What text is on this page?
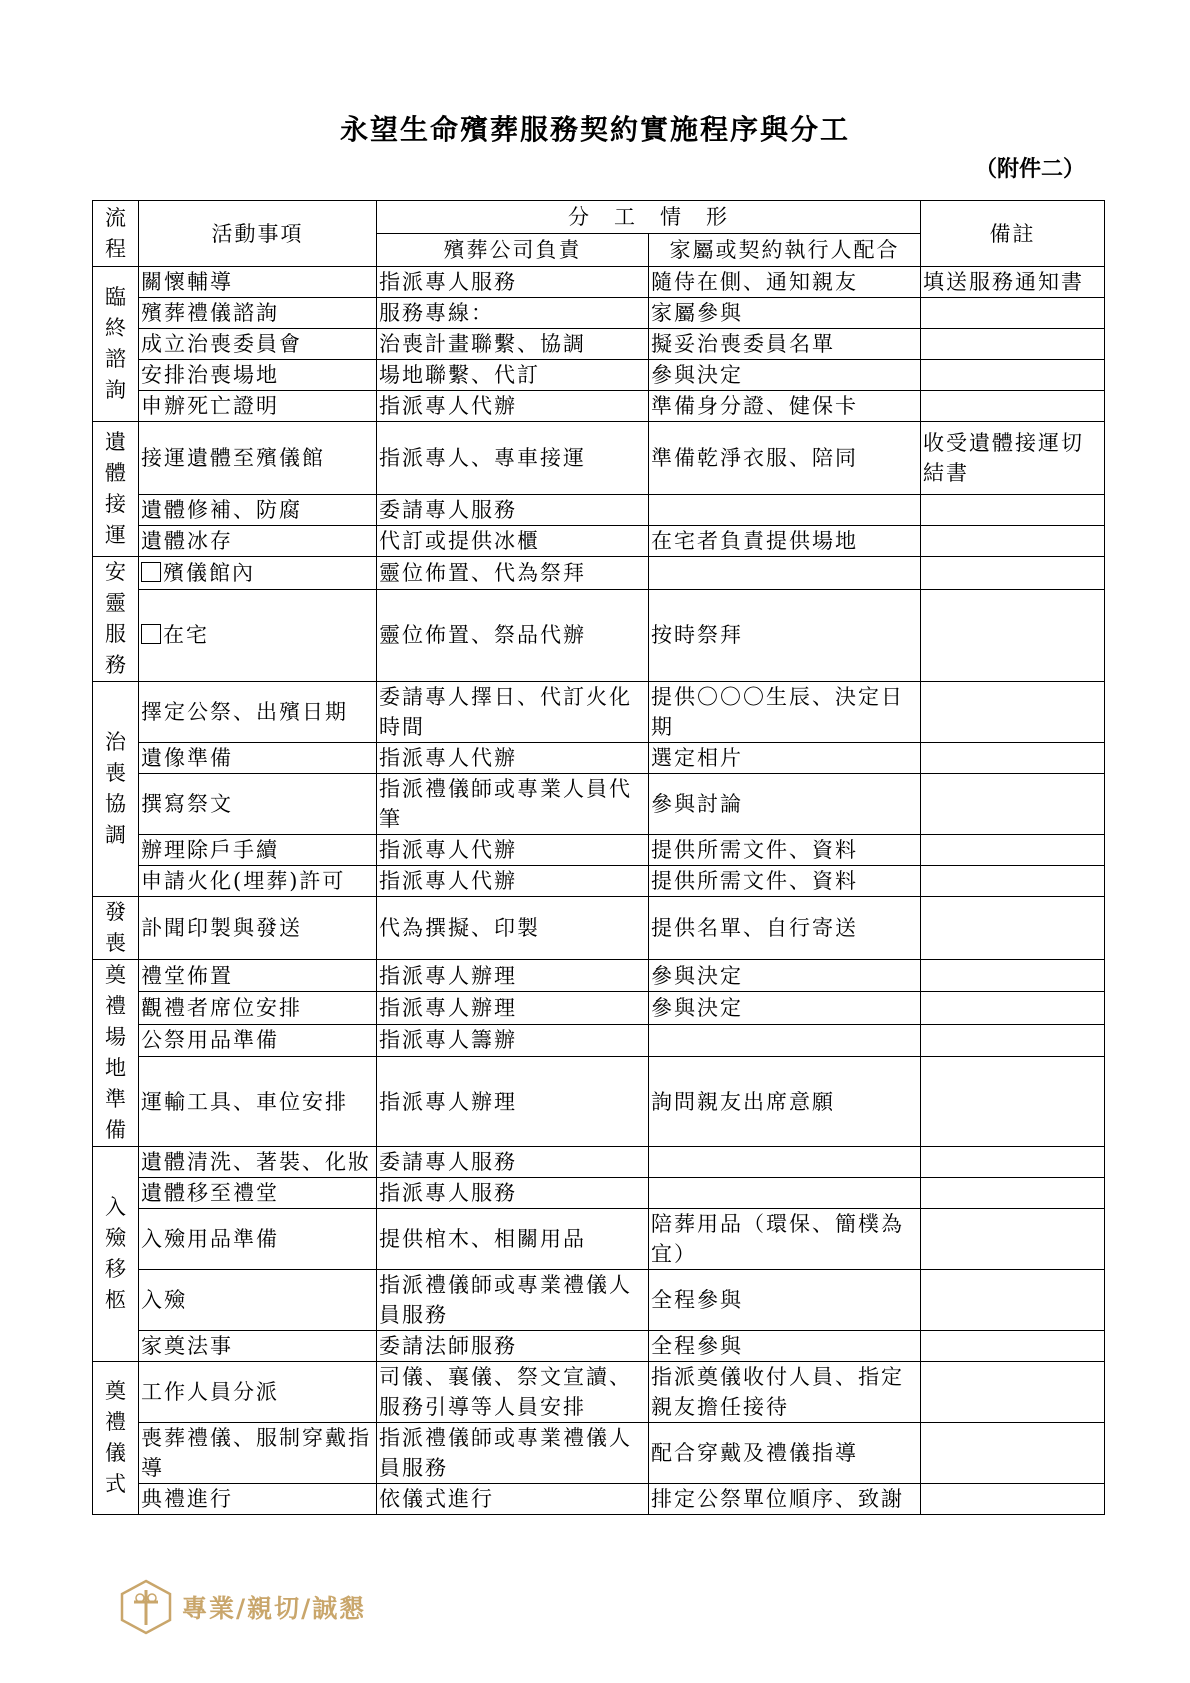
永望生命殯葬服務契約實施程序與分工
（附件二）
流程	活動事項	分　工　情　形		備註
		殯葬公司負責	家屬或契約執行人配合	
臨終諮詢	關懷輔導	指派專人服務	隨侍在側、通知親友	填送服務通知書
	殯葬禮儀諮詢	服務專線：	家屬參與	
	成立治喪委員會	治喪計畫聯繫、協調	擬妥治喪委員名單	
	安排治喪場地	場地聯繫、代訂	參與決定	
	申辦死亡證明	指派專人代辦	準備身分證、健保卡	
遺體接運	接運遺體至殯儀館	指派專人、專車接運	準備乾淨衣服、陪同	收受遺體接運切結書
	遺體修補、防腐	委請專人服務		
	遺體冰存	代訂或提供冰櫃	在宅者負責提供場地	
安靈服務	殯儀館內	靈位佈置、代為祭拜		
	在宅	靈位佈置、祭品代辦	按時祭拜	
治喪協調	擇定公祭、出殯日期	委請專人擇日、代訂火化時間	提供〇〇〇生辰、決定日期	
	遺像準備	指派專人代辦	選定相片	
	撰寫祭文	指派禮儀師或專業人員代筆	參與討論	
	辦理除戶手續	指派專人代辦	提供所需文件、資料	
	申請火化(埋葬)許可	指派專人代辦	提供所需文件、資料	
發喪	訃聞印製與發送	代為撰擬、印製	提供名單、自行寄送	
奠禮場地準備	禮堂佈置	指派專人辦理	參與決定	
	觀禮者席位安排	指派專人辦理	參與決定	
	公祭用品準備	指派專人籌辦		
	運輸工具、車位安排	指派專人辦理	詢問親友出席意願	
入殮移柩	遺體清洗、著裝、化妝	委請專人服務		
	遺體移至禮堂	指派專人服務		
	入殮用品準備	提供棺木、相關用品	陪葬用品（環保、簡樸為宜）	
	入殮	指派禮儀師或專業禮儀人員服務	全程參與	
	家奠法事	委請法師服務	全程參與	
奠禮儀式	工作人員分派	司儀、襄儀、祭文宣讀、服務引導等人員安排	指派奠儀收付人員、指定親友擔任接待	
	喪葬禮儀、服制穿戴指導	指派禮儀師或專業禮儀人員服務	配合穿戴及禮儀指導	
	典禮進行	依儀式進行	排定公祭單位順序、致謝	
專業/親切/誠懇
